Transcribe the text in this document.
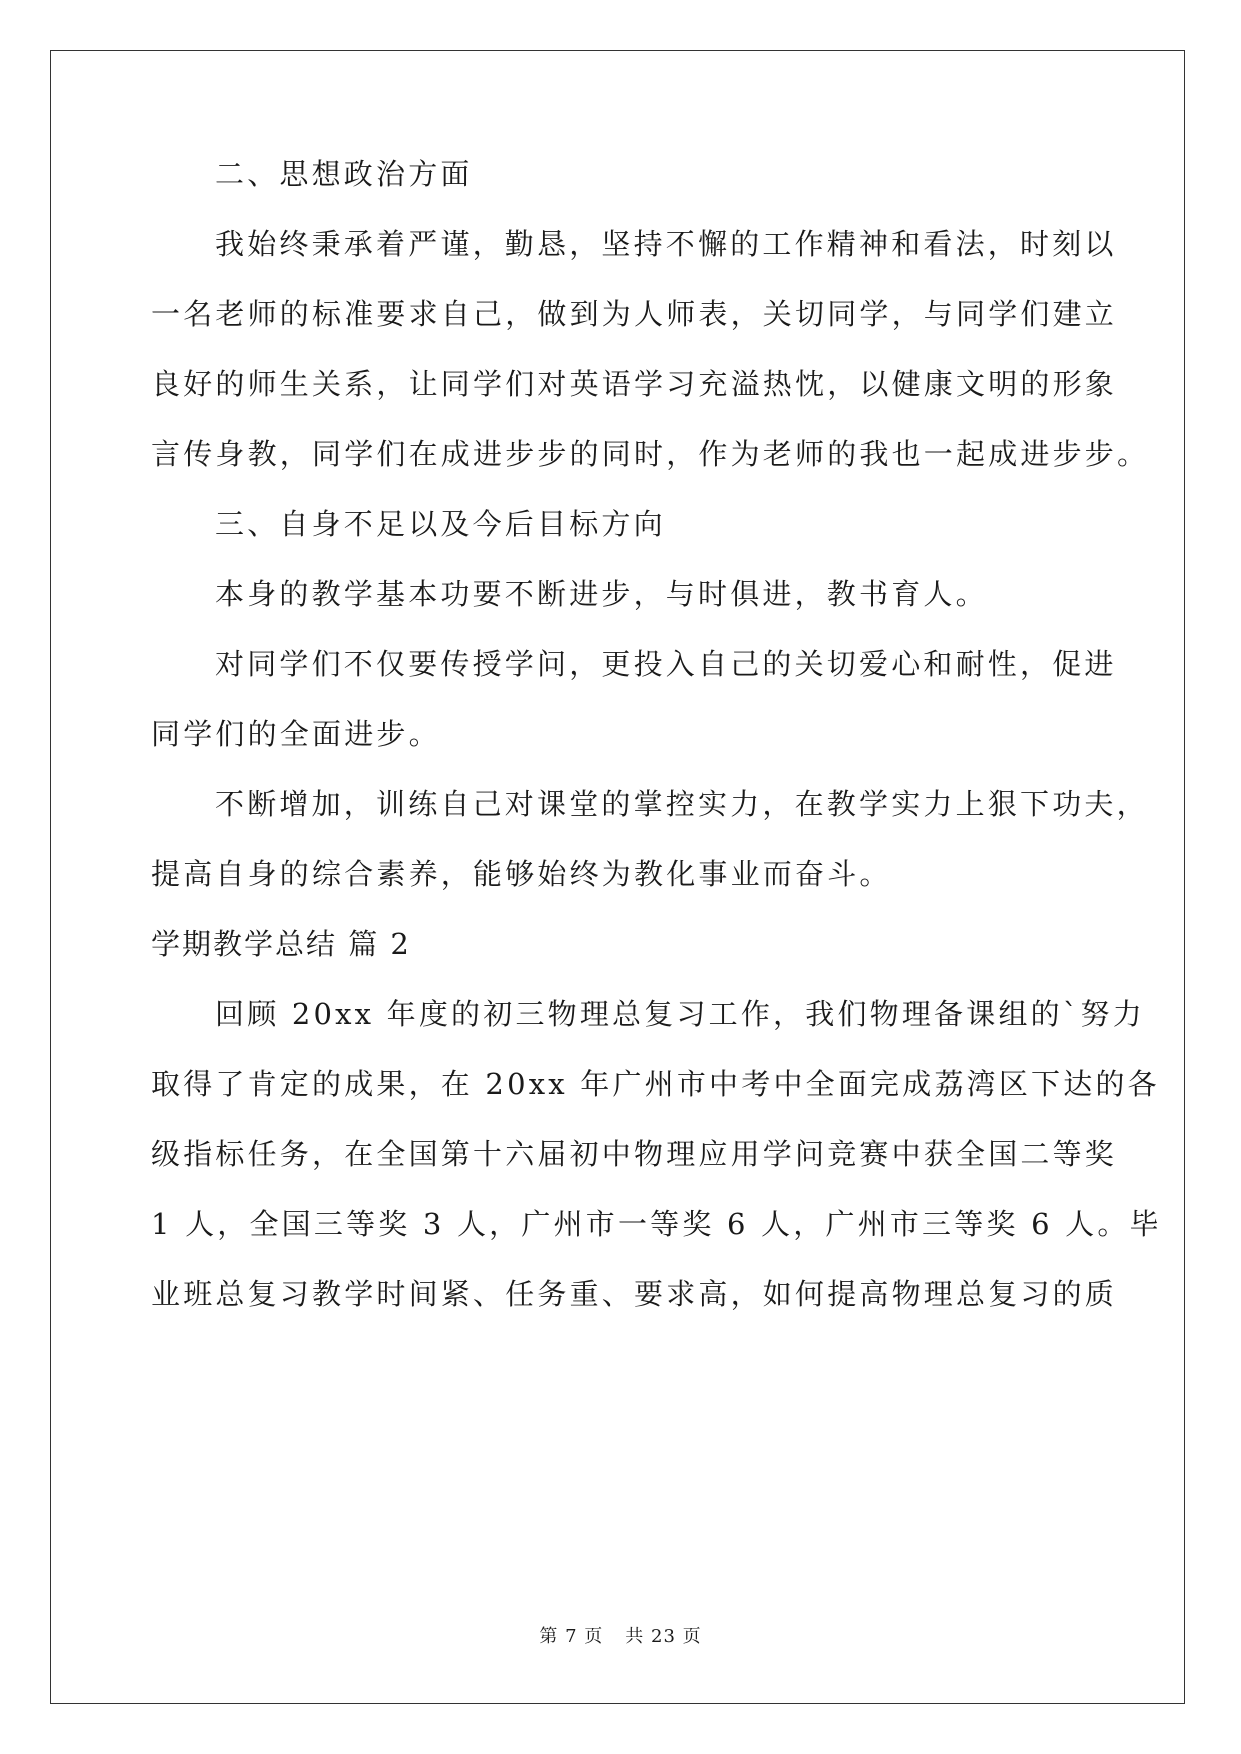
二、思想政治方面
我始终秉承着严谨，勤恳，坚持不懈的工作精神和看法，时刻以
一名老师的标准要求自己，做到为人师表，关切同学，与同学们建立
良好的师生关系，让同学们对英语学习充溢热忱，以健康文明的形象
言传身教，同学们在成进步步的同时，作为老师的我也一起成进步步。
三、自身不足以及今后目标方向
本身的教学基本功要不断进步，与时俱进，教书育人。
对同学们不仅要传授学问，更投入自己的关切爱心和耐性，促进
同学们的全面进步。
不断增加，训练自己对课堂的掌控实力，在教学实力上狠下功夫，
提高自身的综合素养，能够始终为教化事业而奋斗。
学期教学总结 篇 2
回顾 20xx 年度的初三物理总复习工作，我们物理备课组的`努力
取得了肯定的成果，在 20xx 年广州市中考中全面完成荔湾区下达的各
级指标任务，在全国第十六届初中物理应用学问竞赛中获全国二等奖
1 人，全国三等奖 3 人，广州市一等奖 6 人，广州市三等奖 6 人。毕
业班总复习教学时间紧、任务重、要求高，如何提高物理总复习的质
第 7 页 共 23 页
